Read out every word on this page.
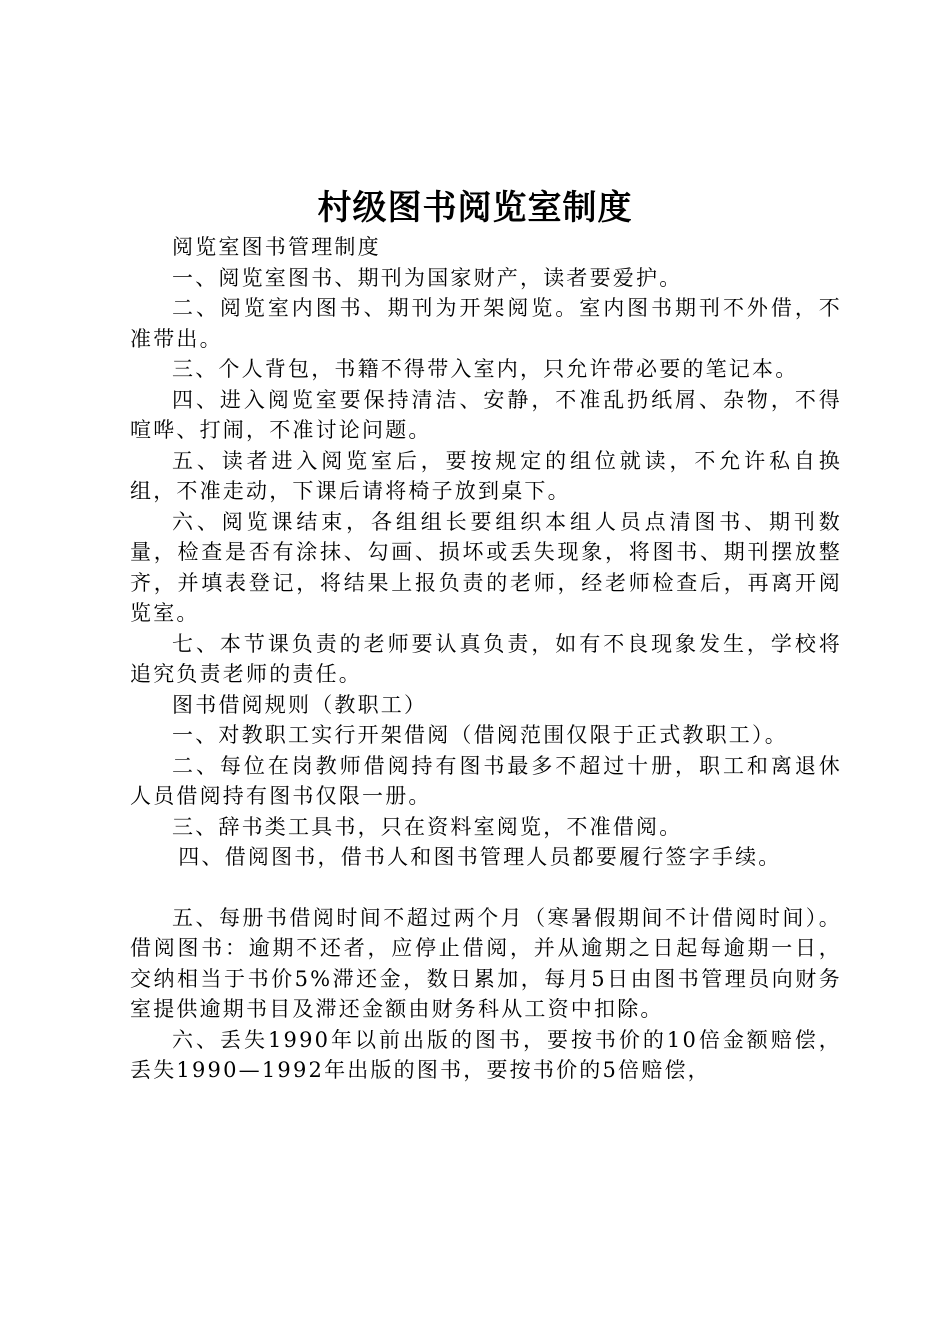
村级图书阅览室制度

阅览室图书管理制度

一、阅览室图书、期刊为国家财产，读者要爱护。

二、阅览室内图书、期刊为开架阅览。室内图书期刊不外借，不准带出。

三、个人背包，书籍不得带入室内，只允许带必要的笔记本。

四、进入阅览室要保持清洁、安静，不准乱扔纸屑、杂物，不得喧哗、打闹，不准讨论问题。

五、读者进入阅览室后，要按规定的组位就读，不允许私自换组，不准走动，下课后请将椅子放到桌下。

六、阅览课结束，各组组长要组织本组人员点清图书、期刊数量，检查是否有涂抹、勾画、损坏或丢失现象，将图书、期刊摆放整齐，并填表登记，将结果上报负责的老师，经老师检查后，再离开阅览室。

七、本节课负责的老师要认真负责，如有不良现象发生，学校将追究负责老师的责任。

图书借阅规则（教职工）

一、对教职工实行开架借阅（借阅范围仅限于正式教职工）。

二、每位在岗教师借阅持有图书最多不超过十册，职工和离退休人员借阅持有图书仅限一册。

三、辞书类工具书，只在资料室阅览，不准借阅。

四、借阅图书，借书人和图书管理人员都要履行签字手续。

五、每册书借阅时间不超过两个月（寒暑假期间不计借阅时间）。借阅图书：逾期不还者，应停止借阅，并从逾期之日起每逾期一日，交纳相当于书价5%滞还金，数日累加，每月5日由图书管理员向财务室提供逾期书目及滞还金额由财务科从工资中扣除。

六、丢失1990年以前出版的图书，要按书价的10倍金额赔偿，丢失1990—1992年出版的图书，要按书价的5倍赔偿，
